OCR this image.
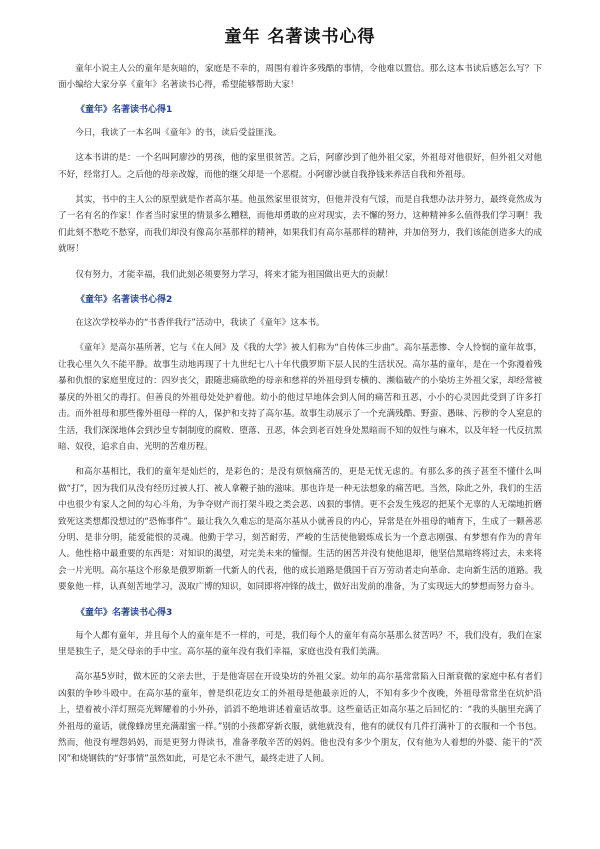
童年 名著读书心得

童年小说主人公的童年是灰暗的，家庭是不幸的，周围有着许多残酷的事情，令他难以置信。那么这本书读后感怎么写？下面小编给大家分享《童年》名著读书心得，希望能够帮助大家！

《童年》名著读书心得1

今日，我读了一本名叫《童年》的书，读后受益匪浅。

这本书讲的是：一个名叫阿廖沙的男孩，他的家里很贫苦。之后，阿廖沙到了他外祖父家，外祖母对他很好，但外祖父对他不好，经常打人。之后他的母亲改嫁，而他的继父却是一个恶棍。小阿廖沙就自我挣钱来养活自我和外祖母。

其实，书中的主人公的原型就是作者高尔基。他虽然家里很贫穷，但他并没有气馁，而是自我想办法并努力，最终竟然成为了一名有名的作家！作者当时家里的情景多么糟糕，而他却勇敢的应对现实，去不懈的努力，这种精神多么值得我们学习啊！我们此刻不愁吃不愁穿，而我们却没有像高尔基那样的精神，如果我们有高尔基那样的精神，并加倍努力，我们该能创造多大的成就呀！

仅有努力，才能幸福，我们此刻必须要努力学习，将来才能为祖国做出更大的贡献！

《童年》名著读书心得2

在这次学校举办的“书香伴我行”活动中，我读了《童年》这本书。

《童年》是高尔基所著，它与《在人间》及《我的大学》被人们称为“自传体三步曲”。高尔基悲惨、令人怜悯的童年故事，让我心里久久不能平静。故事生动地再现了十九世纪七八十年代俄罗斯下层人民的生活状况。高尔基的童年，是在一个弥漫着残暴和仇恨的家庭里度过的：四岁丧父，跟随悲痛欲绝的母亲和慈祥的外祖母到专横的、濒临破产的小染坊主外祖父家，却经常被暴戾的外祖父的毒打。但善良的外祖母处处护着他。幼小的他过早地体会到人间的痛苦和丑恶，小小的心灵因此受到了许多打击。而外祖母和那些像外祖母一样的人，保护和支持了高尔基。故事生动展示了一个充满残酷、野蛮、愚昧、污秽的令人窒息的生活，我们深深地体会到沙皇专制制度的腐败、堕落、丑恶，体会到老百姓身处黑暗而不知的奴性与麻木，以及年轻一代反抗黑暗、奴役，追求自由、光明的苦难历程。

和高尔基相比，我们的童年是灿烂的，是彩色的；是没有烦恼痛苦的，更是无忧无虑的。有那么多的孩子甚至不懂什么叫做“打”，因为我们从没有经历过被人打、被人拿鞭子抽的滋味。那也许是一种无法想象的痛苦吧。当然，除此之外，我们的生活中也很少有家人之间的勾心斗角，为争夺财产而打架斗殴之类会恶、凶狠的事情。更不会发生残忍的把某个无辜的人无端地折磨致死这类想都没想过的“恐怖事件”。最让我久久难忘的是高尔基从小就善良的内心，异常是在外祖母的哺育下，生成了一颗善恶分明、是非分明，能爱能恨的灵魂。他勤于学习，刻苦耐劳，严峻的生活使他锻炼成长为一个意志刚强、有梦想有作为的青年人。他性格中最重要的东西是：对知识的渴望，对完美未来的憧憬。生活的困苦并没有使他退却，他坚信黑暗终将过去，未来将会一片光明。高尔基这个形象是俄罗斯新一代新人的代表，他的成长道路是俄国千百万劳动者走向革命、走向新生活的道路。我要象他一样，认真刻苦地学习，汲取广博的知识，如同即将冲锋的战士，做好出发前的准备，为了实现远大的梦想而努力奋斗。

《童年》名著读书心得3

每个人都有童年，并且每个人的童年是不一样的，可是，我们每个人的童年有高尔基那么贫苦吗？不，我们没有，我们在家里是独生子，是父母亲的手中宝。高尔基的童年没有我们幸福，家庭也没有我们美满。

高尔基5岁时，做木匠的父亲去世，于是他寄居在开设染坊的外祖父家。幼年的高尔基常常陷入日渐衰微的家庭中私有者们凶狠的争吵斗殴中。在高尔基的童年，曾是织花边女工的外祖母是他最亲近的人，不知有多少个夜晚，外祖母常常坐在炕炉沿上，望着被小洋灯照亮光辉耀着的小外孙，滔滔不绝地讲述着童话故事。这些童话正如高尔基之后回忆的：“我的头脑里充满了外祖母的童话，就像蜂房里充满甜蜜一样。”别的小孩都穿新衣服，就他就没有，他有的就仅有几件打满补丁的衣服和一个书包。然而，他没有埋怨妈妈，而是更努力得读书，准备孝敬辛苦的妈妈。他也没有多少个朋友，仅有他为人着想的外婆、能干的“茨冈”和烧钢铁的“好事情”虽然如此，可是它永不泄气，最终走进了人间。
